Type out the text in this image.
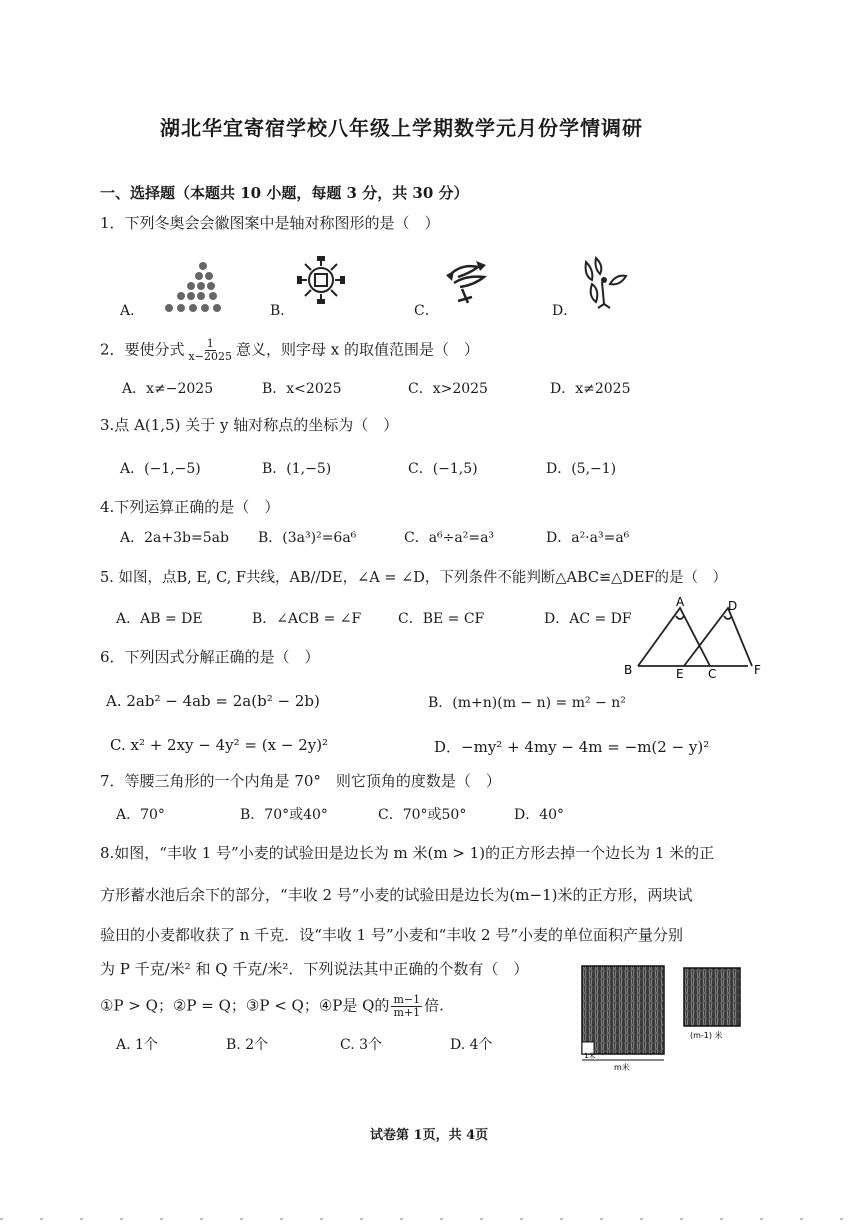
湖北华宜寄宿学校八年级上学期数学元月份学情调研
一、选择题（本题共 10 小题，每题 3 分，共 30 分）
1．下列冬奥会会徽图案中是轴对称图形的是（　）
A．	B．	C．	D．
2．要使分式 $\frac{1}{x-2025}$ 意义，则字母 x 的取值范围是（　）
A．x≠−2025	B．x<2025	C．x>2025	D．x≠2025
3.点 A(1,5) 关于 y 轴对称点的坐标为（　）
A．(−1,−5)	B．(1,−5)	C．(−1,5)	D．(5,−1)
4.下列运算正确的是（　）
A．2a+3b=5ab B．(3a³)²=6a⁶	C．a⁶÷a²=a³	D．a²·a³=a⁶
5. 如图，点B, E, C, F共线，AB//DE，∠A = ∠D，下列条件不能判断△ABC≌△DEF的是（　）
A．AB = DE	B．∠ACB = ∠F	C．BE = CF	D．AC = DF
A	D
B	E C	F
6．下列因式分解正确的是（　）
A. 2ab² − 4ab = 2a(b² − 2b)	B．(m+n)(m − n) = m² − n²
C. x² + 2xy − 4y² = (x − 2y)²	D．−my² + 4my − 4m = −m(2 − y)²
7．等腰三角形的一个内角是 70°　则它顶角的度数是（　）
A．70°	B．70°或40°	C．70°或50°	D．40°
8.如图，“丰收 1 号”小麦的试验田是边长为 m 米(m > 1)的正方形去掉一个边长为 1 米的正
方形蓄水池后余下的部分，“丰收 2 号”小麦的试验田是边长为(m−1)米的正方形，两块试
验田的小麦都收获了 n 千克．设“丰收 1 号”小麦和“丰收 2 号”小麦的单位面积产量分别
为 P 千克/米² 和 Q 千克/米²．下列说法其中正确的个数有（　）
①P > Q；②P = Q；③P < Q；④P是 Q的 $\frac{m-1}{m+1}$ 倍.
A. 1个	B. 2个	C. 3个	D. 4个
1米
m米
(m-1) 米
试卷第 1页，共 4页
